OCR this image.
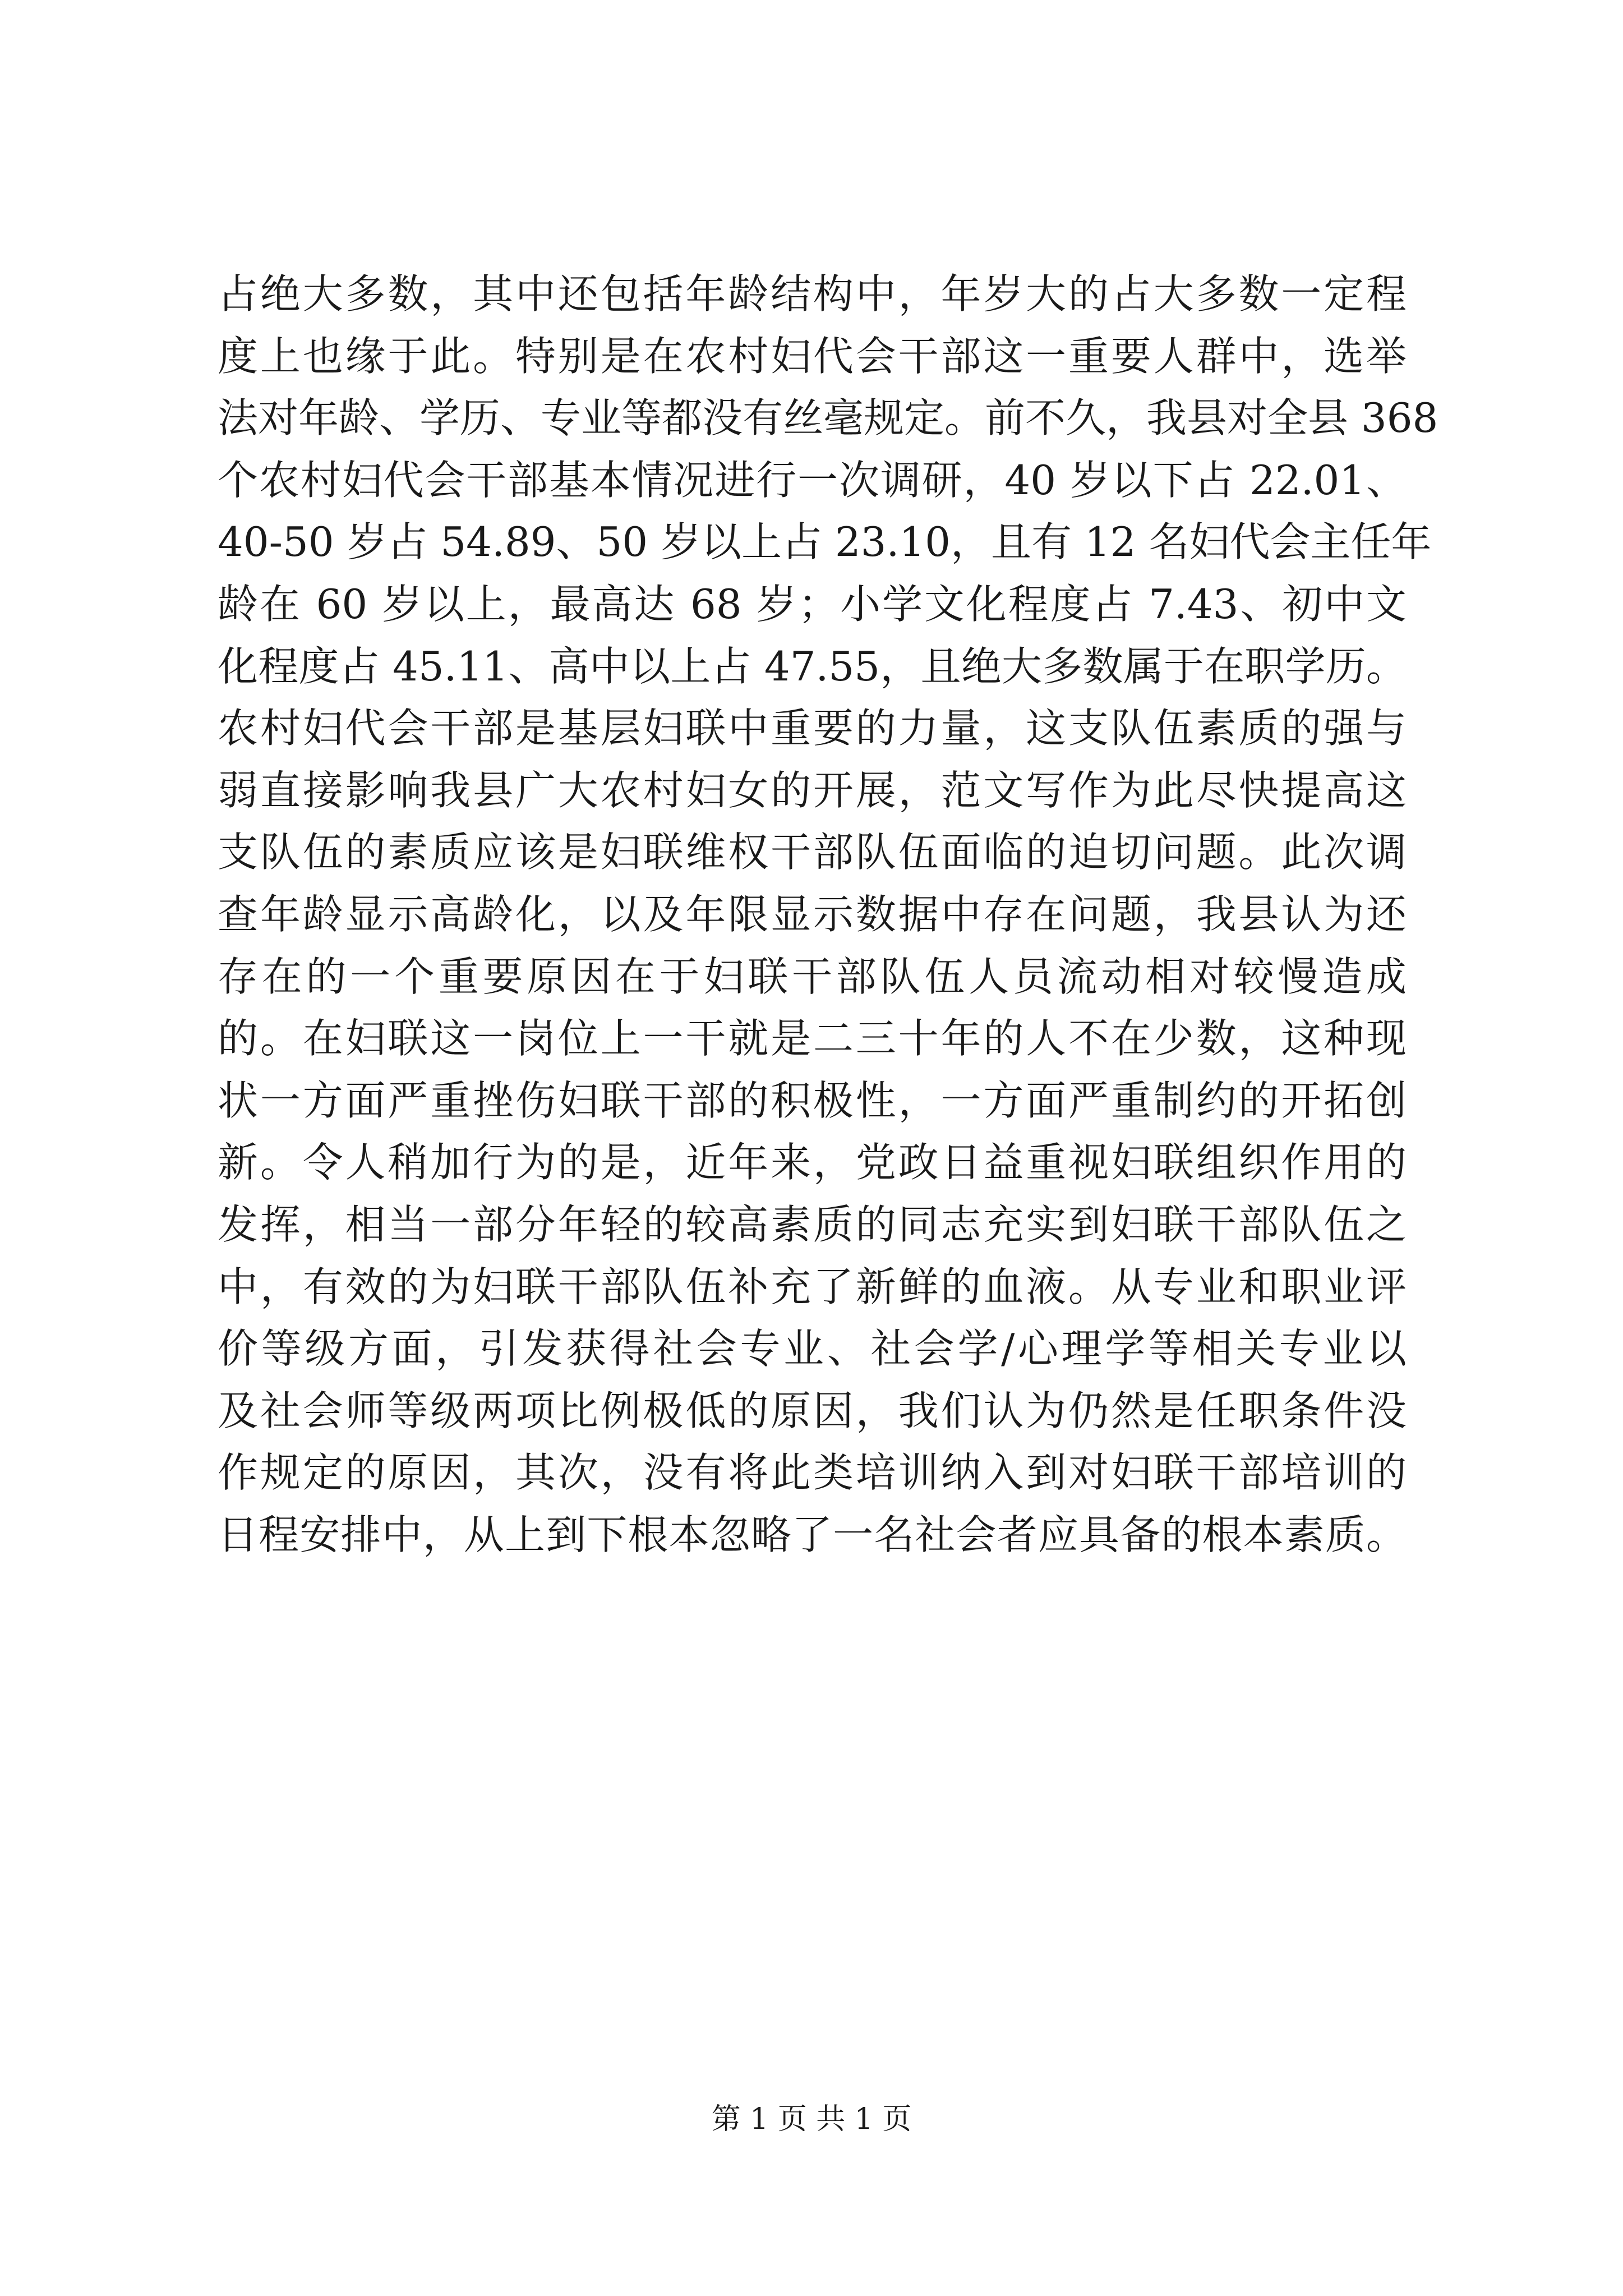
占绝大多数，其中还包括年龄结构中，年岁大的占大多数一定程
度上也缘于此。特别是在农村妇代会干部这一重要人群中，选举
法对年龄、学历、专业等都没有丝毫规定。前不久，我县对全县 368
个农村妇代会干部基本情况进行一次调研，40 岁以下占 22.01、
40-50 岁占 54.89、50 岁以上占 23.10，且有 12 名妇代会主任年
龄在 60 岁以上，最高达 68 岁；小学文化程度占 7.43、初中文
化程度占 45.11、高中以上占 47.55，且绝大多数属于在职学历。
农村妇代会干部是基层妇联中重要的力量，这支队伍素质的强与
弱直接影响我县广大农村妇女的开展，范文写作为此尽快提高这
支队伍的素质应该是妇联维权干部队伍面临的迫切问题。此次调
查年龄显示高龄化，以及年限显示数据中存在问题，我县认为还
存在的一个重要原因在于妇联干部队伍人员流动相对较慢造成
的。在妇联这一岗位上一干就是二三十年的人不在少数，这种现
状一方面严重挫伤妇联干部的积极性，一方面严重制约的开拓创
新。令人稍加行为的是，近年来，党政日益重视妇联组织作用的
发挥，相当一部分年轻的较高素质的同志充实到妇联干部队伍之
中，有效的为妇联干部队伍补充了新鲜的血液。从专业和职业评
价等级方面，引发获得社会专业、社会学/心理学等相关专业以
及社会师等级两项比例极低的原因，我们认为仍然是任职条件没
作规定的原因，其次，没有将此类培训纳入到对妇联干部培训的
日程安排中，从上到下根本忽略了一名社会者应具备的根本素质。
第 1 页 共 1 页
